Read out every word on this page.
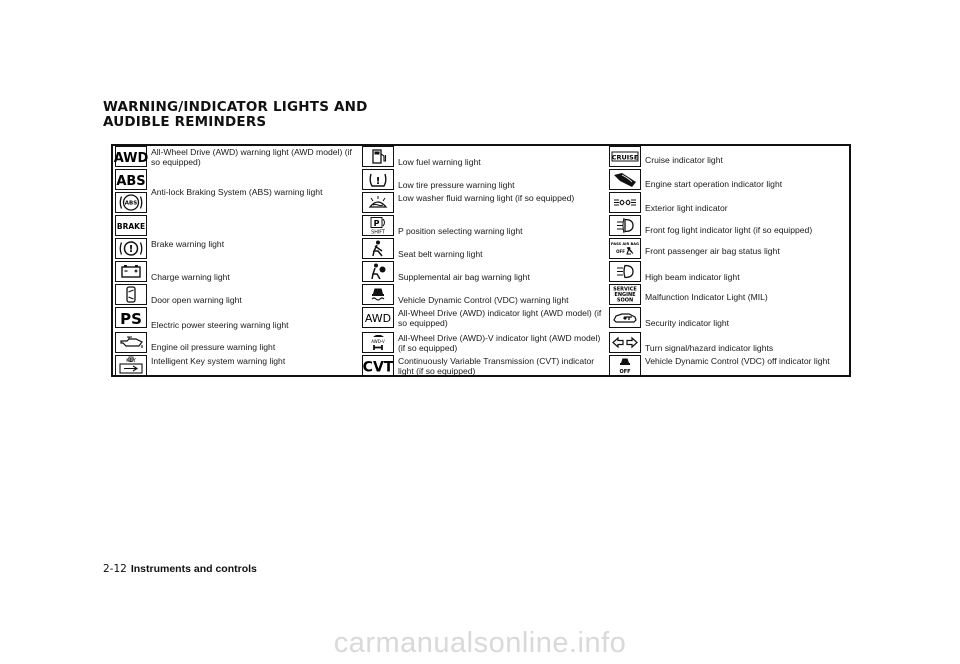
WARNING/INDICATOR LIGHTS AND
AUDIBLE REMINDERS
AWD All-Wheel Drive (AWD) warning light (AWD model) (if so equipped)
ABS
Anti-lock Braking System (ABS) warning light
ABS
BRAKE
Brake warning light
!
Charge warning light
Door open warning light
PS Electric power steering warning light
Engine oil pressure warning light
KEY Intelligent Key system warning light
Low fuel warning light
! Low tire pressure warning light
Low washer fluid warning light (if so equipped)
P
SHIFT P position selecting warning light
Seat belt warning light
Supplemental air bag warning light
Vehicle Dynamic Control (VDC) warning light
AWD All-Wheel Drive (AWD) indicator light (AWD model) (if so equipped)
AWD-V All-Wheel Drive (AWD)-V indicator light (AWD model) (if so equipped)
CVT Continuously Variable Transmission (CVT) indicator light (if so equipped)
CRUISE Cruise indicator light
Engine start operation indicator light
Exterior light indicator
Front fog light indicator light (if so equipped)
PASS AIR BAG
OFF Front passenger air bag status light
High beam indicator light
SERVICE
ENGINE
SOON Malfunction Indicator Light (MIL)
Security indicator light
Turn signal/hazard indicator lights
OFF
Vehicle Dynamic Control (VDC) off indicator light
2-12 Instruments and controls
carmanualsonline.info
